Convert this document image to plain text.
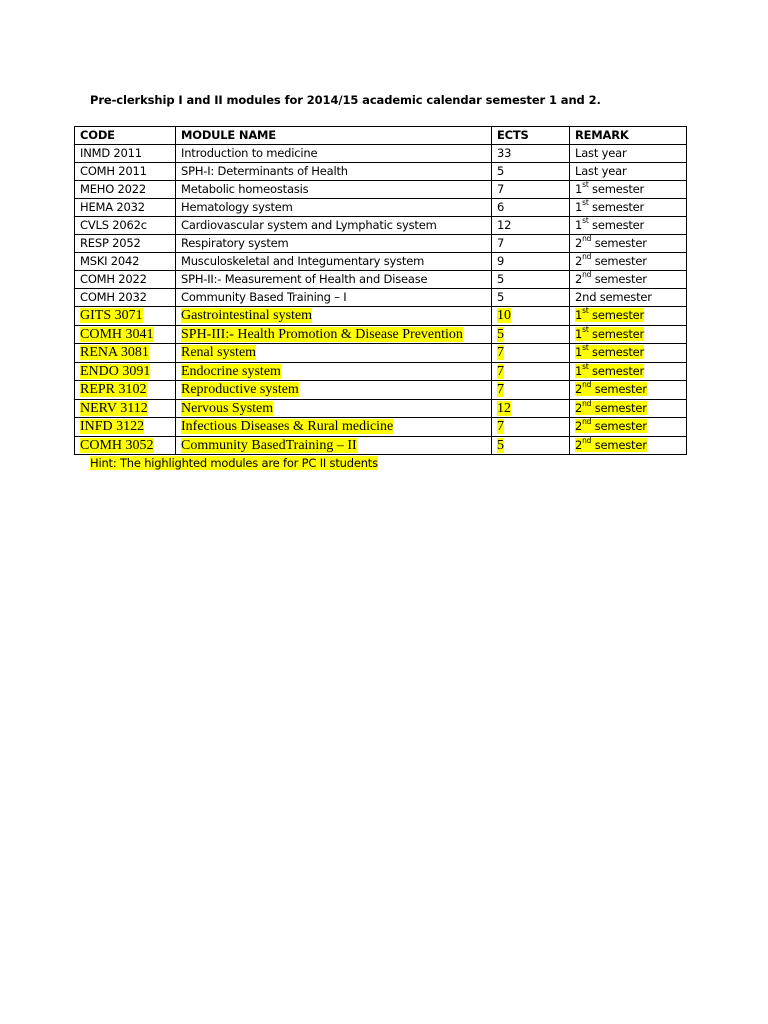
Pre-clerkship I and II modules for 2014/15 academic calendar semester 1 and 2.
CODE	MODULE NAME	ECTS	REMARK
INMD 2011	Introduction to medicine	33	Last year
COMH 2011	SPH-I: Determinants of Health	5	Last year
MEHO 2022	Metabolic homeostasis	7	1st semester
HEMA 2032	Hematology system	6	1st semester
CVLS 2062c	Cardiovascular system and Lymphatic system	12	1st semester
RESP 2052	Respiratory system	7	2nd semester
MSKI 2042	Musculoskeletal and Integumentary system	9	2nd semester
COMH 2022	SPH-II:- Measurement of Health and Disease	5	2nd semester
COMH 2032	Community Based Training – I	5	2nd semester
GITS 3071	Gastrointestinal system	10	1st semester
COMH 3041	SPH-III:- Health Promotion & Disease Prevention	5	1st semester
RENA 3081	Renal system	7	1st semester
ENDO 3091	Endocrine system	7	1st semester
REPR 3102	Reproductive system	7	2nd semester
NERV 3112	Nervous System	12	2nd semester
INFD 3122	Infectious Diseases & Rural medicine	7	2nd semester
COMH 3052	Community BasedTraining – II	5	2nd semester
Hint: The highlighted modules are for PC II students
